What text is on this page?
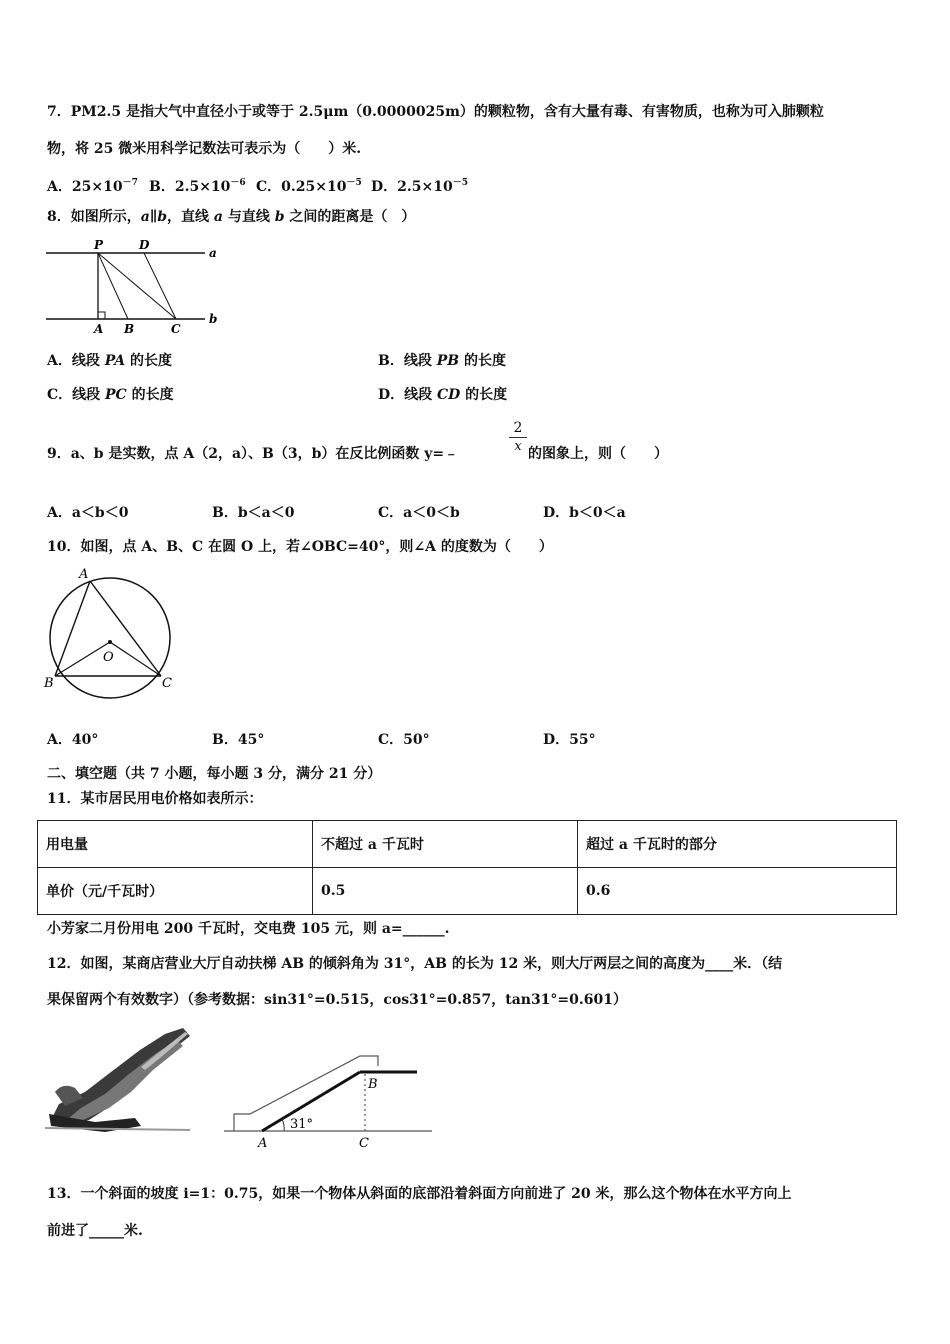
7．PM2.5 是指大气中直径小于或等于 2.5μm（0.0000025m）的颗粒物，含有大量有毒、有害物质，也称为可入肺颗粒
物，将 25 微米用科学记数法可表示为（　　）米.
A．$25\times 10^{-7}$ B．$2.5\times 10^{-6}$ C．$0.25\times 10^{-5}$ D．$2.5\times 10^{-5}$
8．如图所示，a∥b，直线 a 与直线 b 之间的距离是（　）
P	D
a
b
A B	C
A．线段 PA 的长度	B．线段 PB 的长度
C．线段 PC 的长度	D．线段 CD 的长度
9．a、b 是实数，点 A（2，a）、B（3，b）在反比例函数 y=﹣	$\frac{2}{x}$ 的图象上，则（　　）
A．a＜b＜0	B．b＜a＜0	C．a＜0＜b	D．b＜0＜a
10．如图，点 A、B、C 在圆 O 上，若∠OBC=40°，则∠A 的度数为（　　）
A
B	C
O
A．40°	B．45°	C．50°	D．55°
二、填空题（共 7 小题，每小题 3 分，满分 21 分）
11．某市居民用电价格如表所示：
用电量	不超过 a 千瓦时	超过 a 千瓦时的部分
单价（元/千瓦时）	0.5	0.6
小芳家二月份用电 200 千瓦时，交电费 105 元，则 a=______.
12．如图，某商店营业大厅自动扶梯 AB 的倾斜角为 31°，AB 的长为 12 米，则大厅两层之间的高度为____米．（结
果保留两个有效数字）（参考数据：sin31°=0.515，cos31°=0.857，tan31°=0.601）
31°
A
B
C
13．一个斜面的坡度 i=1：0.75，如果一个物体从斜面的底部沿着斜面方向前进了 20 米，那么这个物体在水平方向上
前进了_____米.
